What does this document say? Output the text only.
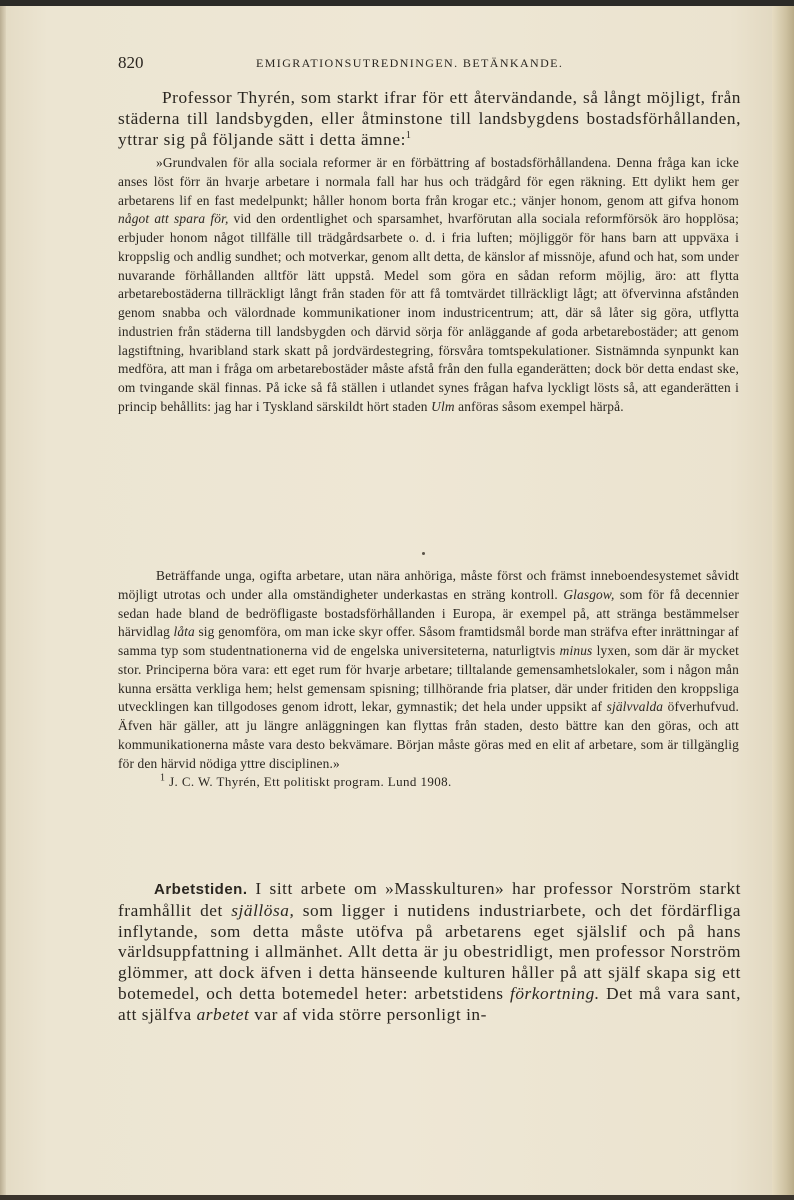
820	EMIGRATIONSUTREDNINGEN. BETÄNKANDE.

Professor Thyrén, som starkt ifrar för ett återvändande, så långt möjligt, från städerna till landsbygden, eller åtminstone till landsbygdens bostadsförhållanden, yttrar sig på följande sätt i detta ämne:$^1$

»Grundvalen för alla sociala reformer är en förbättring af bostadsförhållandena. Denna fråga kan icke anses löst förr än hvarje arbetare i normala fall har hus och trädgård för egen räkning. Ett dylikt hem ger arbetarens lif en fast medelpunkt; håller honom borta från krogar etc.; vänjer honom, genom att gifva honom något att spara för, vid den ordentlighet och sparsamhet, hvarförutan alla sociala reformförsök äro hopplösa; erbjuder honom något tillfälle till trädgårdsarbete o. d. i fria luften; möjliggör för hans barn att uppväxa i kroppslig och andlig sundhet; och motverkar, genom allt detta, de känslor af missnöje, afund och hat, som under nuvarande förhållanden alltför lätt uppstå. Medel som göra en sådan reform möjlig, äro: att flytta arbetarebostäderna tillräckligt långt från staden för att få tomtvärdet tillräckligt lågt; att öfvervinna afstånden genom snabba och välordnade kommunikationer inom industricentrum; att, där så låter sig göra, utflytta industrien från städerna till landsbygden och därvid sörja för anläggande af goda arbetarebostäder; att genom lagstiftning, hvaribland stark skatt på jordvärdestegring, försvåra tomtspekulationer. Sistnämnda synpunkt kan medföra, att man i fråga om arbetarebostäder måste afstå från den fulla eganderätten; dock bör detta endast ske, om tvingande skäl finnas. På icke så få ställen i utlandet synes frågan hafva lyckligt lösts så, att eganderätten i princip behållits: jag har i Tyskland särskildt hört staden Ulm anföras såsom exempel härpå.

Beträffande unga, ogifta arbetare, utan nära anhöriga, måste först och främst inneboendesystemet såvidt möjligt utrotas och under alla omständigheter underkastas en sträng kontroll. Glasgow, som för få decennier sedan hade bland de bedröfligaste bostadsförhållanden i Europa, är exempel på, att stränga bestämmelser härvidlag låta sig genomföra, om man icke skyr offer. Såsom framtidsmål borde man sträfva efter inrättningar af samma typ som studentnationerna vid de engelska universiteterna, naturligtvis minus lyxen, som där är mycket stor. Principerna böra vara: ett eget rum för hvarje arbetare; tilltalande gemensamhetslokaler, som i någon mån kunna ersätta verkliga hem; helst gemensam spisning; tillhörande fria platser, där under fritiden den kroppsliga utvecklingen kan tillgodoses genom idrott, lekar, gymnastik; det hela under uppsikt af självvalda öfverhufvud. Äfven här gäller, att ju längre anläggningen kan flyttas från staden, desto bättre kan den göras, och att kommunikationerna måste vara desto bekvämare. Början måste göras med en elit af arbetare, som är tillgänglig för den härvid nödiga yttre disciplinen.»

Arbetstiden. I sitt arbete om »Masskulturen» har professor Norström starkt framhållit det själlösa, som ligger i nutidens industriarbete, och det fördärfliga inflytande, som detta måste utöfva på arbetarens eget själslif och på hans världsuppfattning i allmänhet. Allt detta är ju obestridligt, men professor Norström glömmer, att dock äfven i detta hänseende kulturen håller på att själf skapa sig ett botemedel, och detta botemedel heter: arbetstidens förkortning. Det må vara sant, att själfva arbetet var af vida större personligt in-

$^1$ J. C. W. Thyrén, Ett politiskt program. Lund 1908.
